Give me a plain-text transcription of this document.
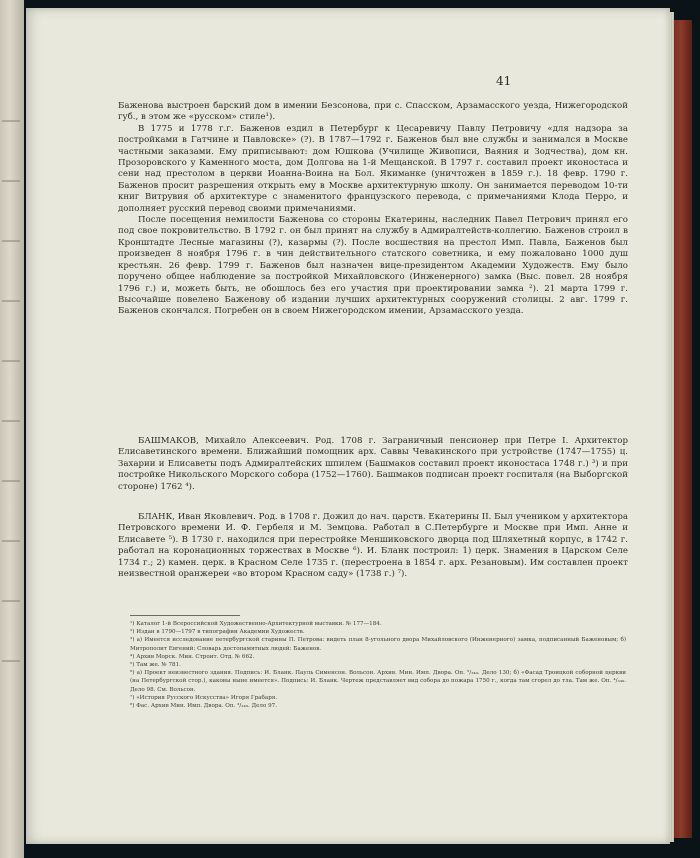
41

Баженова выстроен барский дом в имении Безсонова, при с. Спасском, Арзамасского уезда, Нижегородской губ., в этом же «русском» стиле¹).

В 1775 и 1778 г.г. Баженов ездил в Петербург к Цесаревичу Павлу Петровичу «для надзора за постройками в Гатчине и Павловске» (?). В 1787—1792 г. Баженов был вне службы и занимался в Москве частными заказами. Ему приписывают: дом Юшкова (Училище Живописи, Ваяния и Зодчества), дом кн. Прозоровского у Каменного моста, дом Долгова на 1-й Мещанской. В 1797 г. составил проект иконостаса и сени над престолом в церкви Иоанна-Воина на Бол. Якиманке (уничтожен в 1859 г.). 18 февр. 1790 г. Баженов просит разрешения открыть ему в Москве архитектурную школу. Он занимается переводом 10-ти книг Витрувия об архитектуре с знаменитого французского перевода, с примечаниями Клода Перро, и дополняет русский перевод своими примечаниями.

После посещения немилости Баженова со стороны Екатерины, наследник Павел Петрович принял его под свое покровительство. В 1792 г. он был принят на службу в Адмиралтейств-коллегию. Баженов строил в Кронштадте Лесные магазины (?), казармы (?). После восшествия на престол Имп. Павла, Баженов был произведен 8 ноября 1796 г. в чин действительного статского советника, и ему пожаловано 1000 душ крестьян. 26 февр. 1799 г. Баженов был назначен вице-президентом Академии Художеств. Ему было поручено общее наблюдение за постройкой Михайловского (Инженерного) замка (Выс. повел. 28 ноября 1796 г.) и, можеть быть, не обошлось без его участия при проектировании замка ²). 21 марта 1799 г. Высочайше повелено Баженову об издании лучших архитектурных сооружений столицы. 2 авг. 1799 г. Баженов скончался. Погребен он в своем Нижегородском имении, Арзамасского уезда.

БАШМАКОВ, Михайло Алексеевич. Род. 1708 г. Заграничный пенсионер при Петре I. Архитектор Елисаветинского времени. Ближайший помощник арх. Саввы Чевакинского при устройстве (1747—1755) ц. Захарии и Елисаветы подъ Адмиралтейских шпилем (Башмаков составил проект иконостаса 1748 г.) ³) и при постройке Никольского Морского собора (1752—1760). Башмаков подписан проект госпиталя (на Выборгской стороне) 1762 ⁴).

БЛАНК, Иван Яковлевич. Род. в 1708 г. Дожил до нач. царств. Екатерины II. Был учеником у архитектора Петровского времени И. Ф. Гербеля и М. Земцова. Работал в С.Петербурге и Москве при Имп. Анне и Елисавете ⁵). В 1730 г. находился при перестройке Меншиковского дворца под Шляхетный корпус, в 1742 г. работал на коронационных торжествах в Москве ⁶). И. Бланк построил: 1) церк. Знамения в Царском Селе 1734 г.; 2) камен. церк. в Красном Селе 1735 г. (перестроена в 1854 г. арх. Резановым). Им составлен проект неизвестной оранжереи «во втором Красном саду» (1738 г.) ⁷).

¹) Каталог 1-й Всероссийской Художественно-Архитектурной выставки. № 177—184.

²) Издан в 1790—1797 в типографии Академии Художеств.

³) а) Имеется исследование петербургской старины П. Петрова: видеть план 8-угольного двора Михайловского (Инженерного) замка, подписанный Баженовым; б) Митрополит Евгений: Словарь достопамятных людей: Баженов.

⁴) Архив Морск. Мин. Строит. Отд. № 662.

⁵) Там же. № 781.

⁶) а) Проект неизвестного здания. Подпись: И. Бланк. Пауль Сименсон. Вольсон. Архив. Мин. Имп. Двора. Оп. ⁵/₃₄₉. Дело 130; б) «Фасад Троицкой соборной церкви (на Петербургской стор.), каковы ныне имеется». Подпись: И. Бланк. Чертеж представляет вид собора до пожара 1750 г., когда там сгорел до тла. Там же. Оп. ⁴/₃₄₉. Дело 98. См. Вольсон.

⁷) «История Русского Искусства» Игоря Грабаря.

⁸) Фас. Архив Мин. Имп. Двора. Оп. ³/₂₄₉. Дело 97.
